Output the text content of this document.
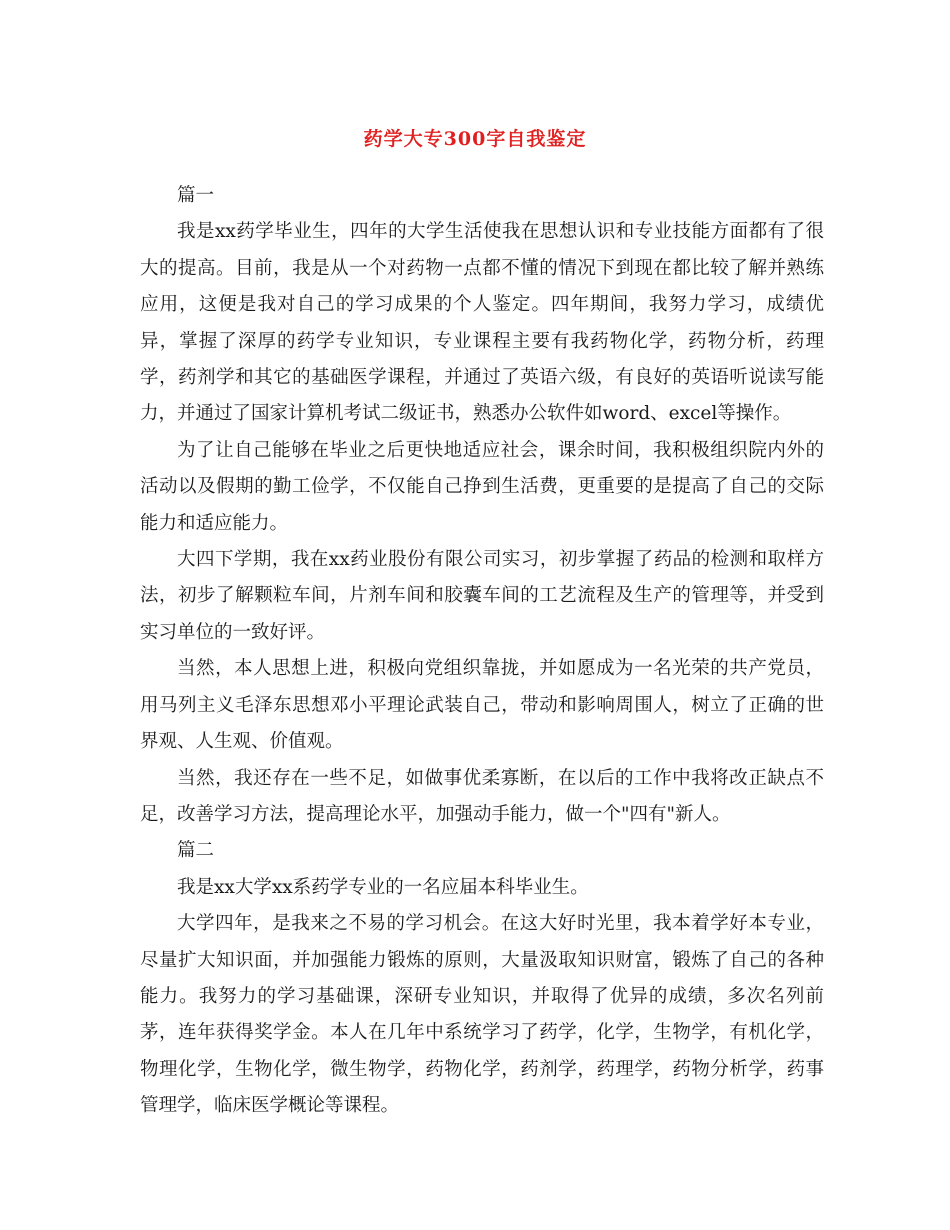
药学大专300字自我鉴定

篇一

我是xx药学毕业生，四年的大学生活使我在思想认识和专业技能方面都有了很大的提高。目前，我是从一个对药物一点都不懂的情况下到现在都比较了解并熟练应用，这便是我对自己的学习成果的个人鉴定。四年期间，我努力学习，成绩优异，掌握了深厚的药学专业知识，专业课程主要有我药物化学，药物分析，药理学，药剂学和其它的基础医学课程，并通过了英语六级，有良好的英语听说读写能力，并通过了国家计算机考试二级证书，熟悉办公软件如word、excel等操作。

为了让自己能够在毕业之后更快地适应社会，课余时间，我积极组织院内外的活动以及假期的勤工俭学，不仅能自己挣到生活费，更重要的是提高了自己的交际能力和适应能力。

大四下学期，我在xx药业股份有限公司实习，初步掌握了药品的检测和取样方法，初步了解颗粒车间，片剂车间和胶囊车间的工艺流程及生产的管理等，并受到实习单位的一致好评。

当然，本人思想上进，积极向党组织靠拢，并如愿成为一名光荣的共产党员，用马列主义毛泽东思想邓小平理论武装自己，带动和影响周围人，树立了正确的世界观、人生观、价值观。

当然，我还存在一些不足，如做事优柔寡断，在以后的工作中我将改正缺点不足，改善学习方法，提高理论水平，加强动手能力，做一个"四有"新人。

篇二

我是xx大学xx系药学专业的一名应届本科毕业生。

大学四年，是我来之不易的学习机会。在这大好时光里，我本着学好本专业，尽量扩大知识面，并加强能力锻炼的原则，大量汲取知识财富，锻炼了自己的各种能力。我努力的学习基础课，深研专业知识，并取得了优异的成绩，多次名列前茅，连年获得奖学金。本人在几年中系统学习了药学，化学，生物学，有机化学，物理化学，生物化学，微生物学，药物化学，药剂学，药理学，药物分析学，药事管理学，临床医学概论等课程。
